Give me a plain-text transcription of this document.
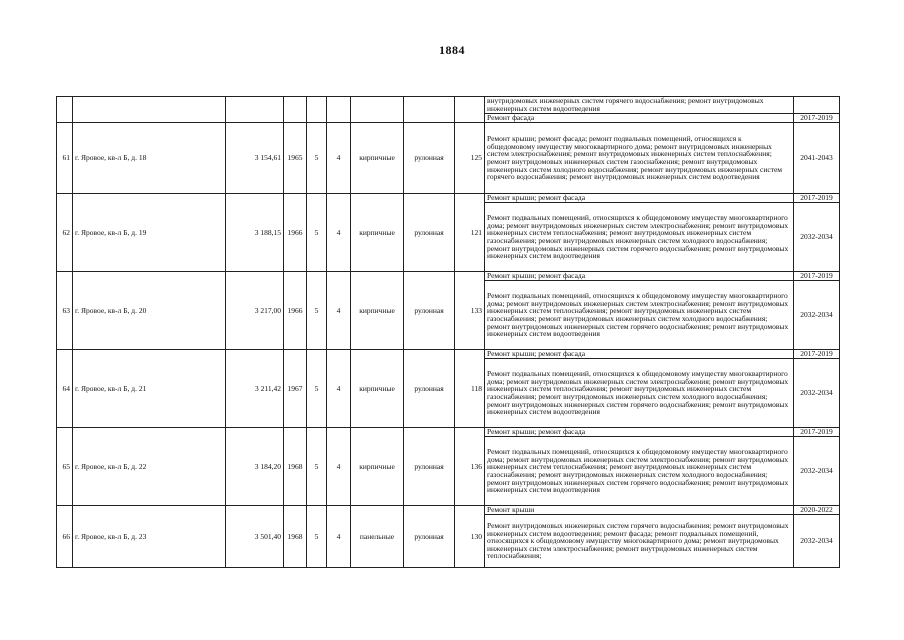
1884
									внутридомовых инженерных систем горячего водоснабжения; ремонт внутридомовых инженерных систем водоотведения	
									Ремонт фасада	2017-2019
61	г. Яровое, кв-л Б, д. 18	3 154,61	1965	5	4	кирпичные	рулонная	125	Ремонт крыши; ремонт фасада; ремонт подвальных помещений, относящихся к общедомовому имуществу многоквартирного дома; ремонт внутридомовых инженерных систем электроснабжения; ремонт внутридомовых инженерных систем теплоснабжения; ремонт внутридомовых инженерных систем газоснабжения; ремонт внутридомовых инженерных систем холодного водоснабжения; ремонт внутридомовых инженерных систем горячего водоснабжения; ремонт внутридомовых инженерных систем водоотведения	2041-2043
62	г. Яровое, кв-л Б, д. 19	3 188,15	1966	5	4	кирпичные	рулонная	121	Ремонт крыши; ремонт фасада	2017-2019
									Ремонт подвальных помещений, относящихся к общедомовому имуществу многоквартирного дома; ремонт внутридомовых инженерных систем электроснабжения; ремонт внутридомовых инженерных систем теплоснабжения; ремонт внутридомовых инженерных систем газоснабжения; ремонт внутридомовых инженерных систем холодного водоснабжения; ремонт внутридомовых инженерных систем горячего водоснабжения; ремонт внутридомовых инженерных систем водоотведения	2032-2034
63	г. Яровое, кв-л Б, д. 20	3 217,00	1966	5	4	кирпичные	рулонная	133	Ремонт крыши; ремонт фасада	2017-2019
									Ремонт подвальных помещений, относящихся к общедомовому имуществу многоквартирного дома; ремонт внутридомовых инженерных систем электроснабжения; ремонт внутридомовых инженерных систем теплоснабжения; ремонт внутридомовых инженерных систем газоснабжения; ремонт внутридомовых инженерных систем холодного водоснабжения; ремонт внутридомовых инженерных систем горячего водоснабжения; ремонт внутридомовых инженерных систем водоотведения	2032-2034
64	г. Яровое, кв-л Б, д. 21	3 211,42	1967	5	4	кирпичные	рулонная	118	Ремонт крыши; ремонт фасада	2017-2019
									Ремонт подвальных помещений, относящихся к общедомовому имуществу многоквартирного дома; ремонт внутридомовых инженерных систем электроснабжения; ремонт внутридомовых инженерных систем теплоснабжения; ремонт внутридомовых инженерных систем газоснабжения; ремонт внутридомовых инженерных систем холодного водоснабжения; ремонт внутридомовых инженерных систем горячего водоснабжения; ремонт внутридомовых инженерных систем водоотведения	2032-2034
65	г. Яровое, кв-л Б, д. 22	3 184,20	1968	5	4	кирпичные	рулонная	136	Ремонт крыши; ремонт фасада	2017-2019
									Ремонт подвальных помещений, относящихся к общедомовому имуществу многоквартирного дома; ремонт внутридомовых инженерных систем электроснабжения; ремонт внутридомовых инженерных систем теплоснабжения; ремонт внутридомовых инженерных систем газоснабжения; ремонт внутридомовых инженерных систем холодного водоснабжения; ремонт внутридомовых инженерных систем горячего водоснабжения; ремонт внутридомовых инженерных систем водоотведения	2032-2034
66	г. Яровое, кв-л Б, д. 23	3 501,40	1968	5	4	панельные	рулонная	130	Ремонт крыши	2020-2022
									Ремонт внутридомовых инженерных систем горячего водоснабжения; ремонт внутридомовых инженерных систем водоотведения; ремонт фасада; ремонт подвальных помещений, относящихся к общедомовому имуществу многоквартирного дома; ремонт внутридомовых инженерных систем электроснабжения; ремонт внутридомовых инженерных систем теплоснабжения;	2032-2034
